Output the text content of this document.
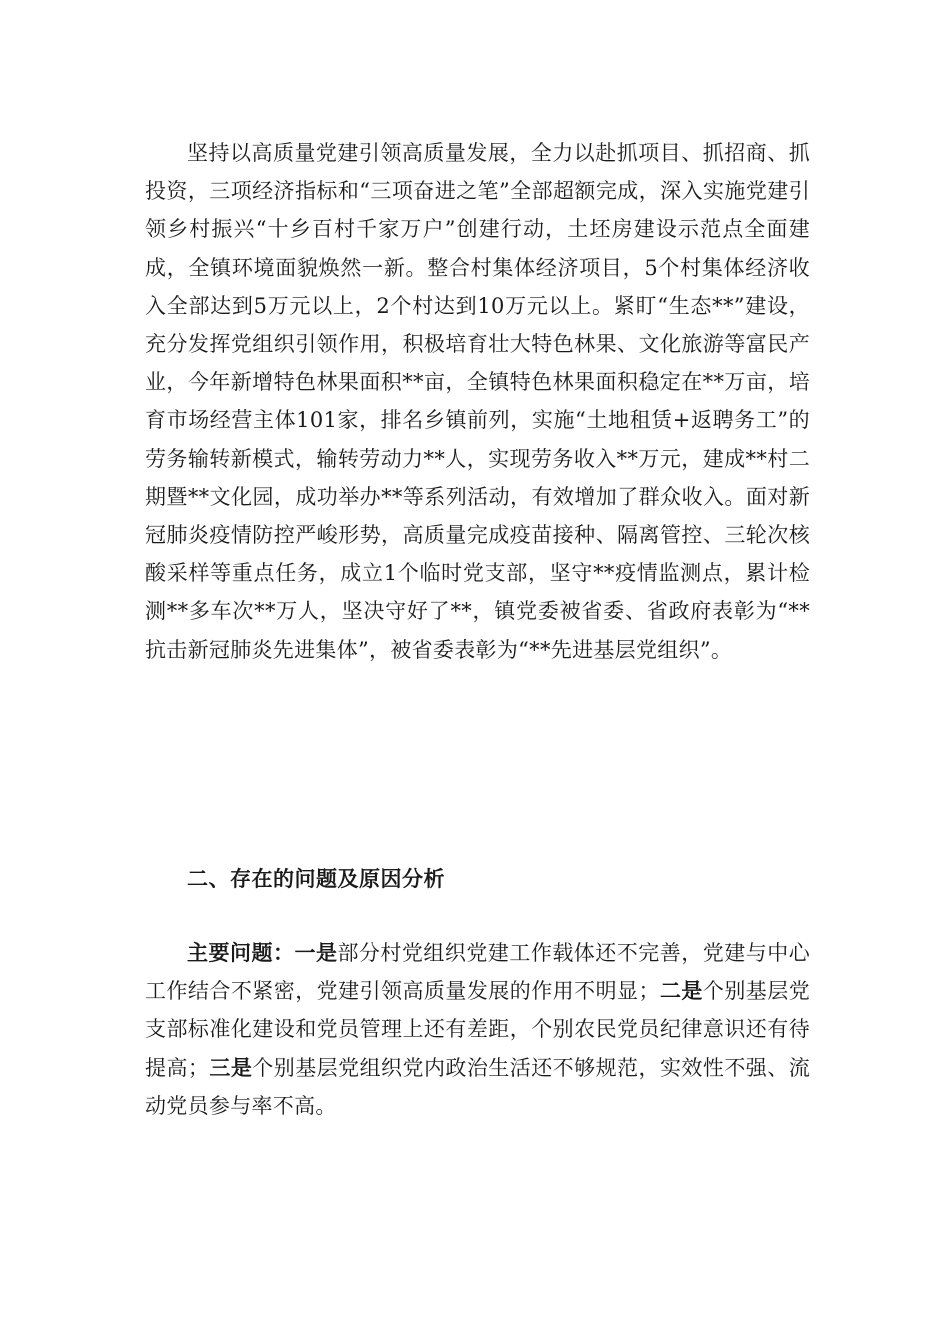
坚持以高质量党建引领高质量发展，全力以赴抓项目、抓招商、抓投资，三项经济指标和“三项奋进之笔”全部超额完成，深入实施党建引领乡村振兴“十乡百村千家万户”创建行动，土坯房建设示范点全面建成，全镇环境面貌焕然一新。整合村集体经济项目，5个村集体经济收入全部达到5万元以上，2个村达到10万元以上。紧盯“生态**”建设，充分发挥党组织引领作用，积极培育壮大特色林果、文化旅游等富民产业，今年新增特色林果面积**亩，全镇特色林果面积稳定在**万亩，培育市场经营主体101家，排名乡镇前列，实施“土地租赁+返聘务工”的劳务输转新模式，输转劳动力**人，实现劳务收入**万元，建成**村二期暨**文化园，成功举办**等系列活动，有效增加了群众收入。面对新冠肺炎疫情防控严峻形势，高质量完成疫苗接种、隔离管控、三轮次核酸采样等重点任务，成立1个临时党支部，坚守**疫情监测点，累计检测**多车次**万人，坚决守好了**，镇党委被省委、省政府表彰为“**抗击新冠肺炎先进集体”，被省委表彰为“**先进基层党组织”。

二、存在的问题及原因分析

主要问题：一是部分村党组织党建工作载体还不完善，党建与中心工作结合不紧密，党建引领高质量发展的作用不明显；二是个别基层党支部标准化建设和党员管理上还有差距，个别农民党员纪律意识还有待提高；三是个别基层党组织党内政治生活还不够规范，实效性不强、流动党员参与率不高。
